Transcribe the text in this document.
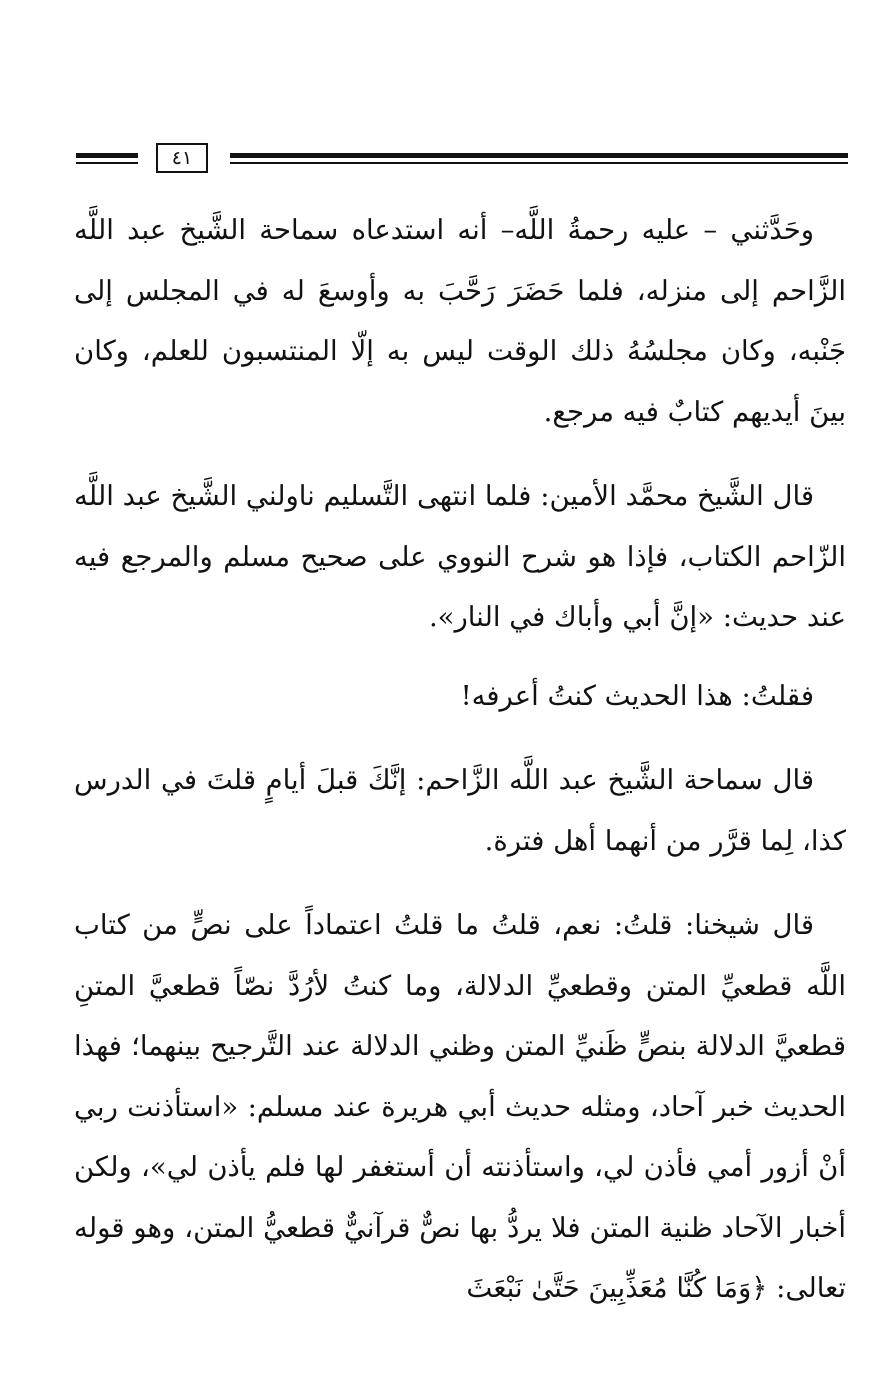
٤١

وحَدَّثني – عليه رحمةُ اللَّه– أنه استدعاه سماحة الشَّيخ عبد اللَّه الزَّاحم إلى منزله، فلما حَضَرَ رَحَّبَ به وأوسعَ له في المجلس إلى جَنْبه، وكان مجلسُهُ ذلك الوقت ليس به إلّا المنتسبون للعلم، وكان بينَ أيديهم كتابٌ فيه مرجع.

قال الشَّيخ محمَّد الأمين: فلما انتهى التَّسليم ناولني الشَّيخ عبد اللَّه الزّاحم الكتاب، فإذا هو شرح النووي على صحيح مسلم والمرجع فيه عند حديث: «إنَّ أبي وأباك في النار».

فقلتُ: هذا الحديث كنتُ أعرفه!

قال سماحة الشَّيخ عبد اللَّه الزَّاحم: إنَّكَ قبلَ أيامٍ قلتَ في الدرس كذا، لِما قرَّر من أنهما أهل فترة.

قال شيخنا: قلتُ: نعم، قلتُ ما قلتُ اعتماداً على نصٍّ من كتاب اللَّه قطعيِّ المتن وقطعيِّ الدلالة، وما كنتُ لأرُدَّ نصّاً قطعيَّ المتنِ قطعيَّ الدلالة بنصٍّ ظَنيِّ المتن وظني الدلالة عند التَّرجيح بينهما؛ فهذا الحديث خبر آحاد، ومثله حديث أبي هريرة عند مسلم: «استأذنت ربي أنْ أزور أمي فأذن لي، واستأذنته أن أستغفر لها فلم يأذن لي»، ولكن أخبار الآحاد ظنية المتن فلا يردُّ بها نصٌّ قرآنيٌّ قطعيُّ المتن، وهو قوله تعالى: ﴿وَمَا كُنَّا مُعَذِّبِينَ حَتَّىٰ نَبْعَثَ
